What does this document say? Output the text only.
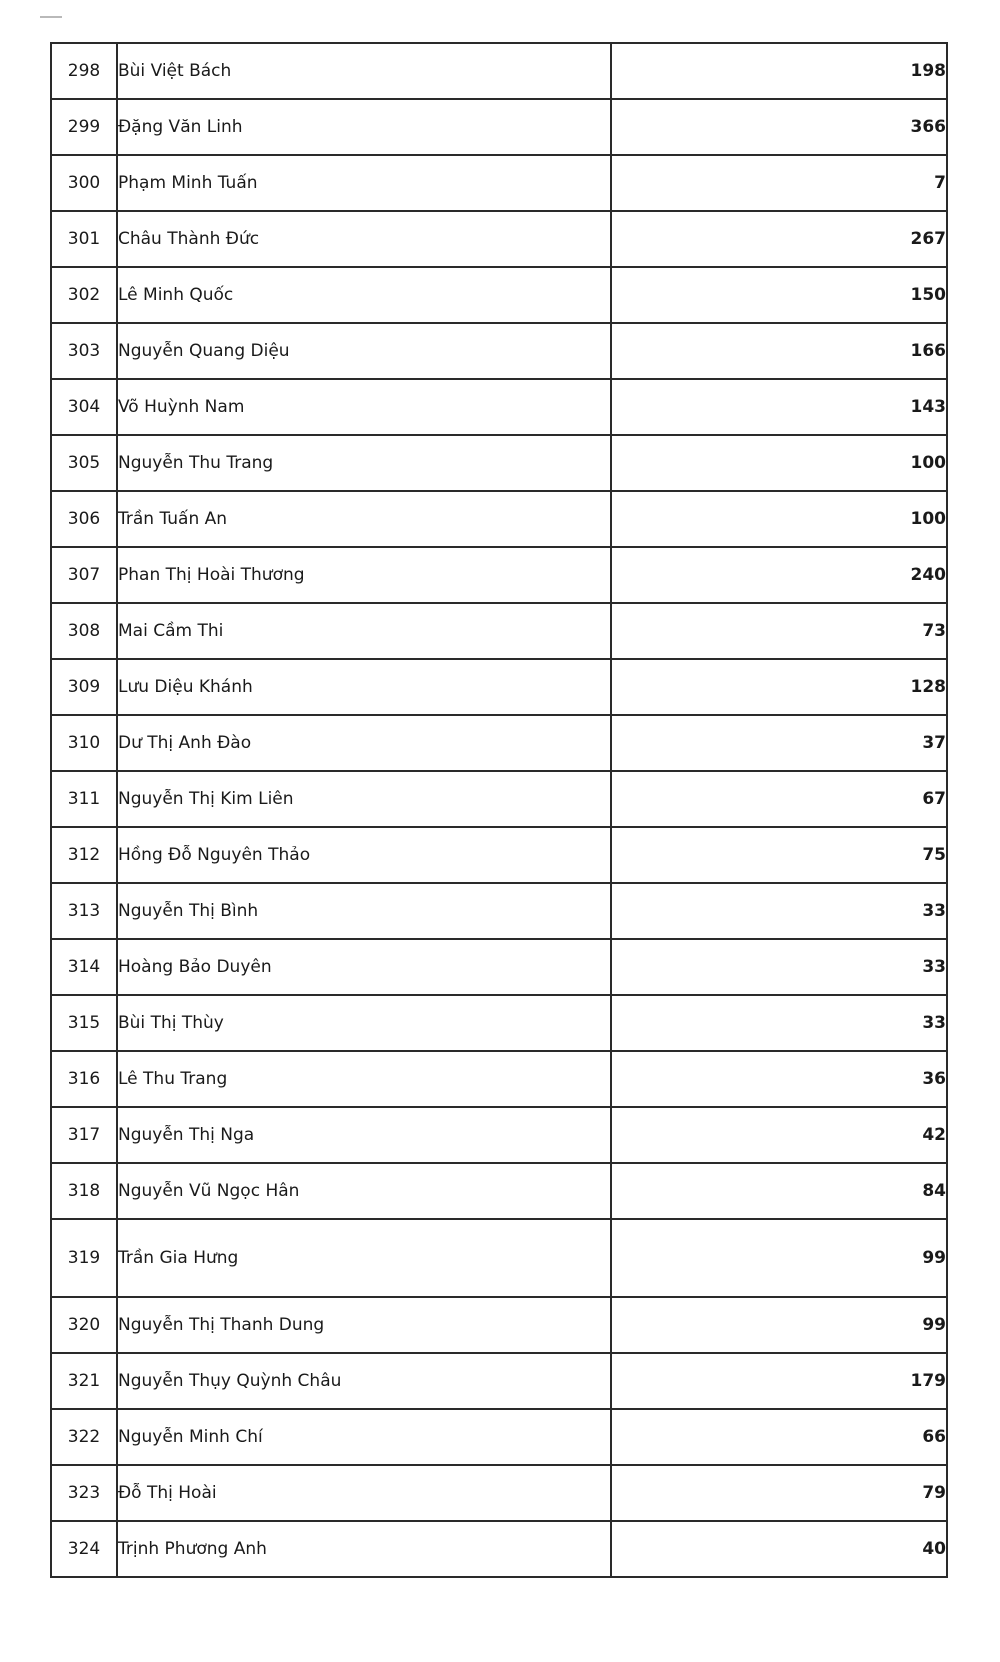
298	Bùi Việt Bách	198
299	Đặng Văn Linh	366
300	Phạm Minh Tuấn	7
301	Châu Thành Đức	267
302	Lê Minh Quốc	150
303	Nguyễn Quang Diệu	166
304	Võ Huỳnh Nam	143
305	Nguyễn Thu Trang	100
306	Trần Tuấn An	100
307	Phan Thị Hoài Thương	240
308	Mai Cầm Thi	73
309	Lưu Diệu Khánh	128
310	Dư Thị Anh Đào	37
311	Nguyễn Thị Kim Liên	67
312	Hồng Đỗ Nguyên Thảo	75
313	Nguyễn Thị Bình	33
314	Hoàng Bảo Duyên	33
315	Bùi Thị Thùy	33
316	Lê Thu Trang	36
317	Nguyễn Thị Nga	42
318	Nguyễn Vũ Ngọc Hân	84
319	Trần Gia Hưng	99
320	Nguyễn Thị Thanh Dung	99
321	Nguyễn Thụy Quỳnh Châu	179
322	Nguyễn Minh Chí	66
323	Đỗ Thị Hoài	79
324	Trịnh Phương Anh	40
